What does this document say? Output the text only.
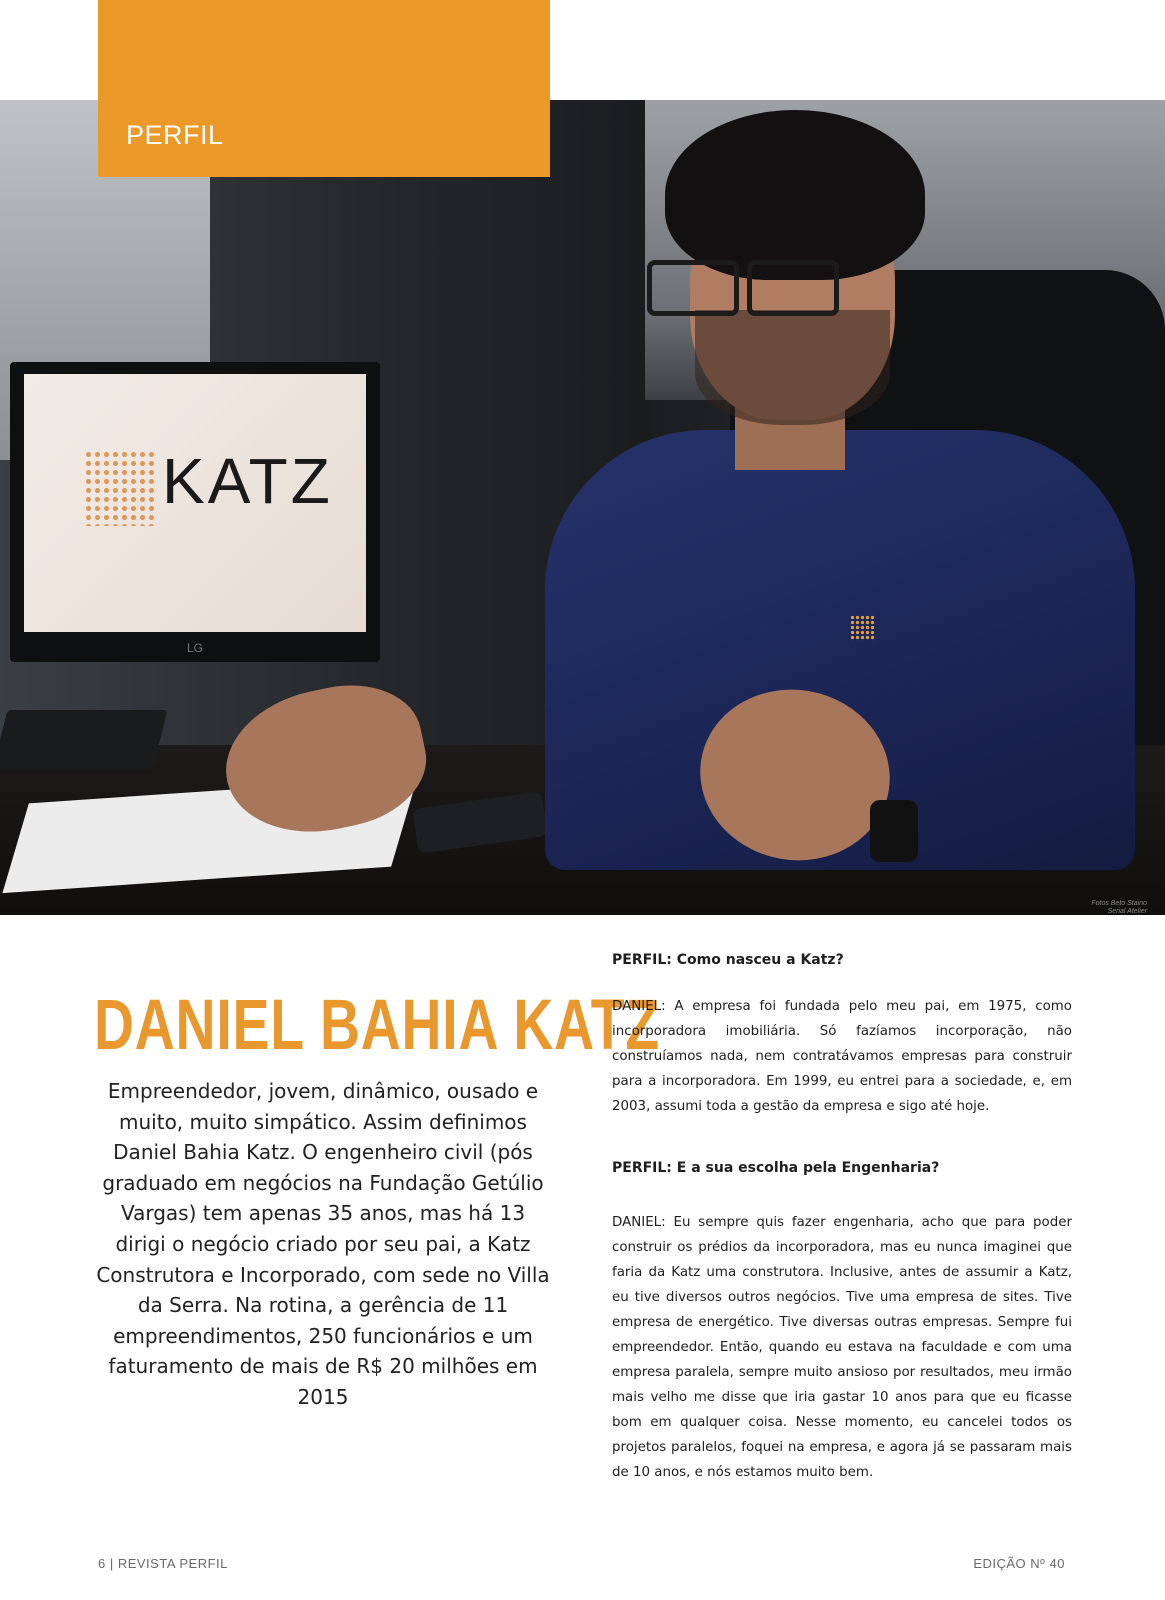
KATZ
LG
Fotos Beto Staino
Serial Atelier
PERFIL
DANIEL BAHIA KATZ
Empreendedor, jovem, dinâmico, ousado e muito, muito simpático. Assim definimos Daniel Bahia Katz. O engenheiro civil (pós graduado em negócios na Fundação Getúlio Vargas) tem apenas 35 anos, mas há 13 dirigi o negócio criado por seu pai, a Katz Construtora e Incorporado, com sede no Villa da Serra. Na rotina, a gerência de 11 empreendimentos, 250 funcionários e um faturamento de mais de R$ 20 milhões em 2015
PERFIL: Como nasceu a Katz?

DANIEL: A empresa foi fundada pelo meu pai, em 1975, como incorporadora imobiliária. Só fazíamos incorporação, não construíamos nada, nem contratávamos empresas para construir para a incorporadora. Em 1999, eu entrei para a sociedade, e, em 2003, assumi toda a gestão da empresa e sigo até hoje.

PERFIL: E a sua escolha pela Engenharia?

DANIEL: Eu sempre quis fazer engenharia, acho que para poder construir os prédios da incorporadora, mas eu nunca imaginei que faria da Katz uma construtora. Inclusive, antes de assumir a Katz, eu tive diversos outros negócios. Tive uma empresa de sites. Tive empresa de energético. Tive diversas outras empresas. Sempre fui empreendedor. Então, quando eu estava na faculdade e com uma empresa paralela, sempre muito ansioso por resultados, meu irmão mais velho me disse que iria gastar 10 anos para que eu ficasse bom em qualquer coisa. Nesse momento, eu cancelei todos os projetos paralelos, foquei na empresa, e agora já se passaram mais de 10 anos, e nós estamos muito bem.

6 | REVISTA PERFIL	EDIÇÃO Nº 40
